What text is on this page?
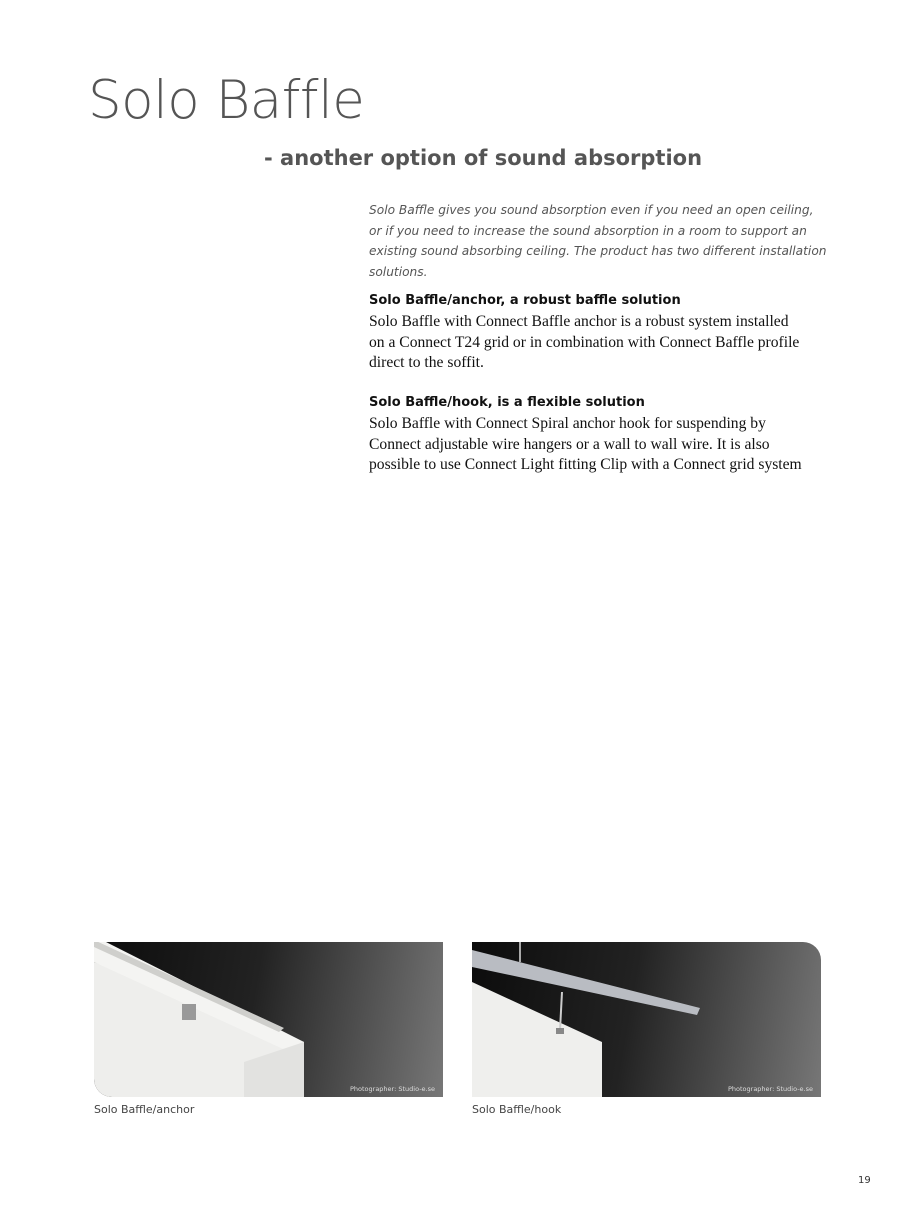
Solo Baffle
- another option of sound absorption
Solo Baffle gives you sound absorption even if you need an open ceiling,
or if you need to increase the sound absorption in a room to support an
existing sound absorbing ceiling. The product has two different installation
solutions.
Solo Baffle/anchor, a robust baffle solution
Solo Baffle with Connect Baffle anchor is a robust system installed
on a Connect T24 grid or in combination with Connect Baffle profile
direct to the soffit.
Solo Baffle/hook, is a flexible solution
Solo Baffle with Connect Spiral anchor hook for suspending by
Connect adjustable wire hangers or a wall to wall wire. It is also
possible to use Connect Light fitting Clip with a Connect grid system
Photographer: Studio-e.se
Solo Baffle/anchor
Photographer: Studio-e.se
Solo Baffle/hook
19
